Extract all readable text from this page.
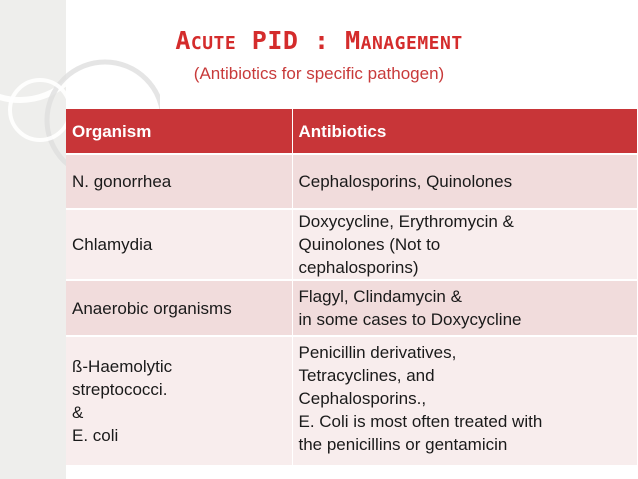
Acute PID : Management
(Antibiotics for specific pathogen)
Organism	Antibiotics

N. gonorrhea	Cephalosporins, Quinolones

Chlamydia	Doxycycline, Erythromycin &
Quinolones (Not to
cephalosporins)

Anaerobic organisms	Flagyl, Clindamycin &
in some cases to Doxycycline

ß-Haemolytic
streptococci.
&
E. coli	Penicillin derivatives,
Tetracyclines, and
Cephalosporins.,
E. Coli is most often treated with
the penicillins or gentamicin
